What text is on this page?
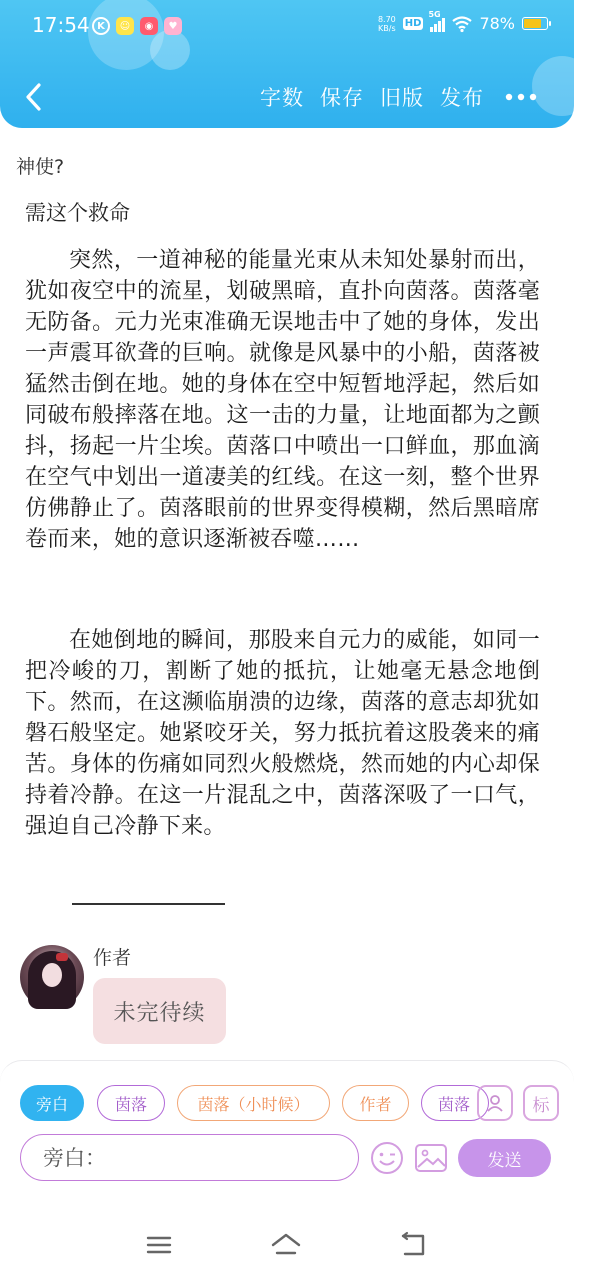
17:54 K	☺	◉	♥
8.70
KB/s HD
5G 78%
字数 保存 旧版 发布
神使?
需这个救命

突然，一道神秘的能量光束从未知处暴射而出，犹如夜空中的流星，划破黑暗，直扑向茵落。茵落毫无防备。元力光束准确无误地击中了她的身体，发出一声震耳欲聋的巨响。就像是风暴中的小船，茵落被猛然击倒在地。她的身体在空中短暂地浮起，然后如同破布般摔落在地。这一击的力量，让地面都为之颤抖，扬起一片尘埃。茵落口中喷出一口鲜血，那血滴在空气中划出一道凄美的红线。在这一刻，整个世界仿佛静止了。茵落眼前的世界变得模糊，然后黑暗席卷而来，她的意识逐渐被吞噬……

在她倒地的瞬间，那股来自元力的威能，如同一把冷峻的刀，割断了她的抵抗，让她毫无悬念地倒下。然而，在这濒临崩溃的边缘，茵落的意志却犹如磐石般坚定。她紧咬牙关，努力抵抗着这股袭来的痛苦。身体的伤痛如同烈火般燃烧，然而她的内心却保持着冷静。在这一片混乱之中，茵落深吸了一口气，强迫自己冷静下来。

作者
未完待续
旁白	茵落	茵落（小时候）	作者	茵落	标
旁白：
发送
